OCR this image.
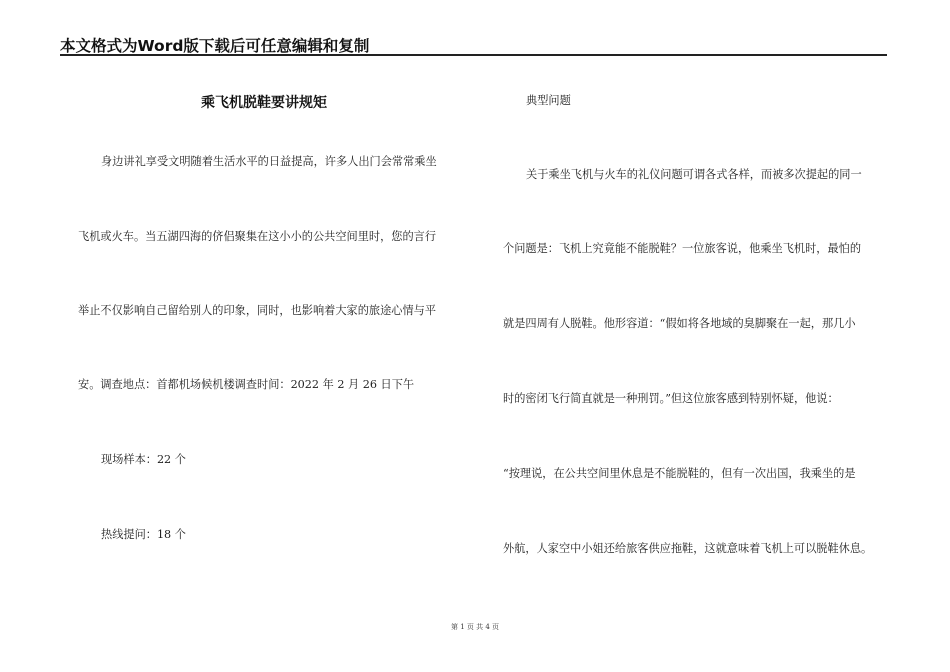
本文格式为Word版下载后可任意编辑和复制
乘飞机脱鞋要讲规矩
身边讲礼享受文明随着生活水平的日益提高，许多人出门会常常乘坐
飞机或火车。当五湖四海的侪侣聚集在这小小的公共空间里时，您的言行
举止不仅影响自己留给别人的印象，同时，也影响着大家的旅途心情与平
安。调查地点：首都机场候机楼调查时间：2022 年 2 月 26 日下午
现场样本：22 个
热线提问：18 个
典型问题
关于乘坐飞机与火车的礼仪问题可谓各式各样，而被多次提起的同一
个问题是：飞机上究竟能不能脱鞋？一位旅客说，他乘坐飞机时，最怕的
就是四周有人脱鞋。他形容道：“假如将各地域的臭脚聚在一起，那几小
时的密闭飞行简直就是一种刑罚。”但这位旅客感到特别怀疑，他说：
“按理说，在公共空间里休息是不能脱鞋的，但有一次出国，我乘坐的是
外航，人家空中小姐还给旅客供应拖鞋，这就意味着飞机上可以脱鞋休息。
第 1 页 共 4 页
